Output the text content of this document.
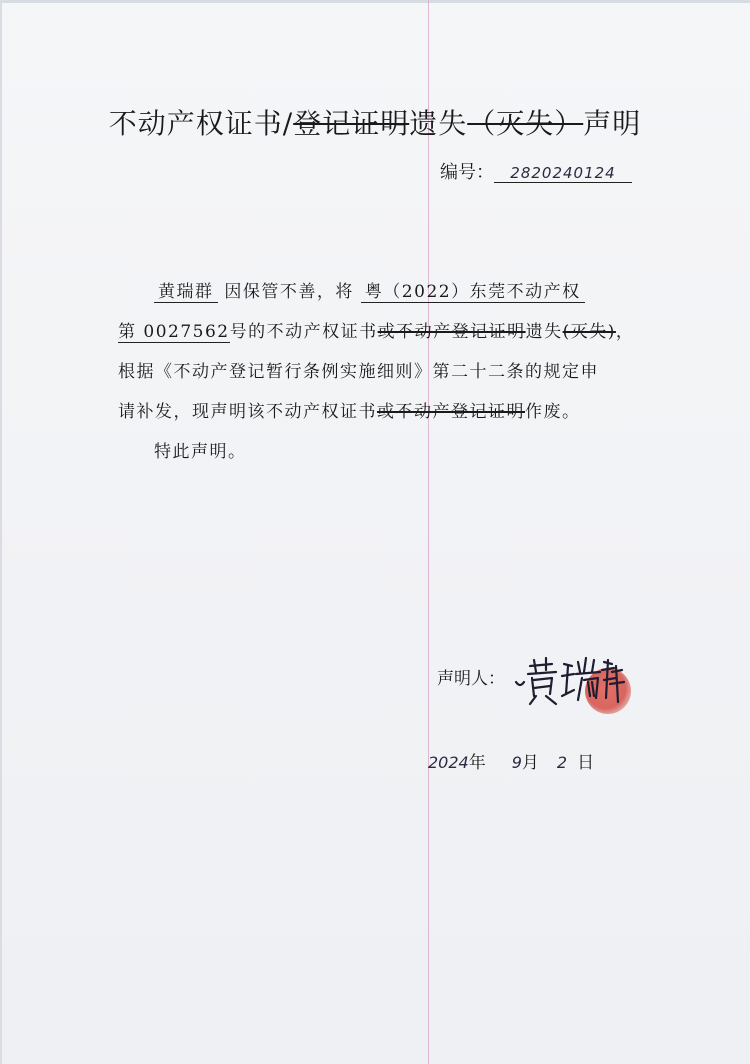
不动产权证书/登记证明遗失（灭失）声明
编号： 2820240124
黄瑞群 因保管不善，将 粤（2022）东莞不动产权
第 0027562号的不动产权证书或不动产登记证明遗失(灭失)，
根据《不动产登记暂行条例实施细则》第二十二条的规定申
请补发，现声明该不动产权证书或不动产登记证明作废。
特此声明。
声明人：
2024年 9月 2 日
